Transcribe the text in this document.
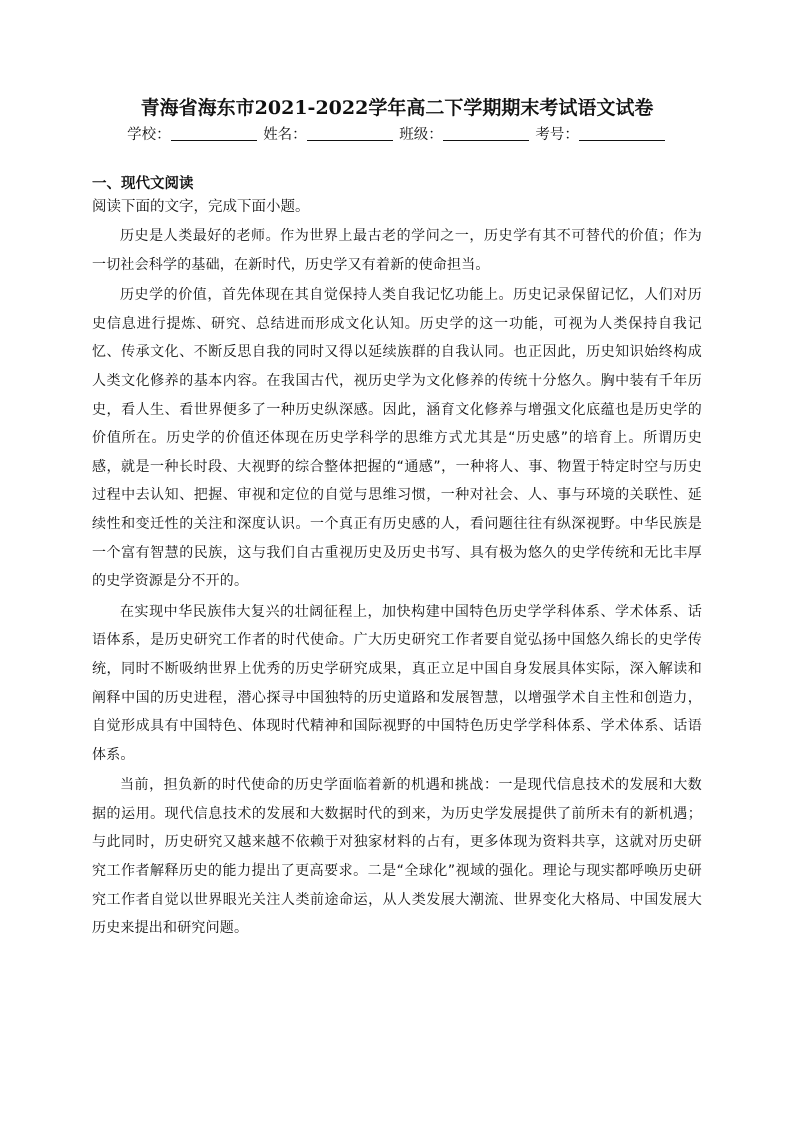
青海省海东市2021-2022学年高二下学期期末考试语文试卷

学校：	姓名：	班级：	考号：

一、现代文阅读

阅读下面的文字，完成下面小题。

历史是人类最好的老师。作为世界上最古老的学问之一，历史学有其不可替代的价值；作为一切社会科学的基础，在新时代，历史学又有着新的使命担当。

历史学的价值，首先体现在其自觉保持人类自我记忆功能上。历史记录保留记忆，人们对历史信息进行提炼、研究、总结进而形成文化认知。历史学的这一功能，可视为人类保持自我记忆、传承文化、不断反思自我的同时又得以延续族群的自我认同。也正因此，历史知识始终构成人类文化修养的基本内容。在我国古代，视历史学为文化修养的传统十分悠久。胸中装有千年历史，看人生、看世界便多了一种历史纵深感。因此，涵育文化修养与增强文化底蕴也是历史学的价值所在。历史学的价值还体现在历史学科学的思维方式尤其是“历史感”的培育上。所谓历史感，就是一种长时段、大视野的综合整体把握的“通感”，一种将人、事、物置于特定时空与历史过程中去认知、把握、审视和定位的自觉与思维习惯，一种对社会、人、事与环境的关联性、延续性和变迁性的关注和深度认识。一个真正有历史感的人，看问题往往有纵深视野。中华民族是一个富有智慧的民族，这与我们自古重视历史及历史书写、具有极为悠久的史学传统和无比丰厚的史学资源是分不开的。

在实现中华民族伟大复兴的壮阔征程上，加快构建中国特色历史学学科体系、学术体系、话语体系，是历史研究工作者的时代使命。广大历史研究工作者要自觉弘扬中国悠久绵长的史学传统，同时不断吸纳世界上优秀的历史学研究成果，真正立足中国自身发展具体实际，深入解读和阐释中国的历史进程，潜心探寻中国独特的历史道路和发展智慧，以增强学术自主性和创造力，自觉形成具有中国特色、体现时代精神和国际视野的中国特色历史学学科体系、学术体系、话语体系。

当前，担负新的时代使命的历史学面临着新的机遇和挑战：一是现代信息技术的发展和大数据的运用。现代信息技术的发展和大数据时代的到来，为历史学发展提供了前所未有的新机遇；与此同时，历史研究又越来越不依赖于对独家材料的占有，更多体现为资料共享，这就对历史研究工作者解释历史的能力提出了更高要求。二是“全球化”视域的强化。理论与现实都呼唤历史研究工作者自觉以世界眼光关注人类前途命运，从人类发展大潮流、世界变化大格局、中国发展大历史来提出和研究问题。
